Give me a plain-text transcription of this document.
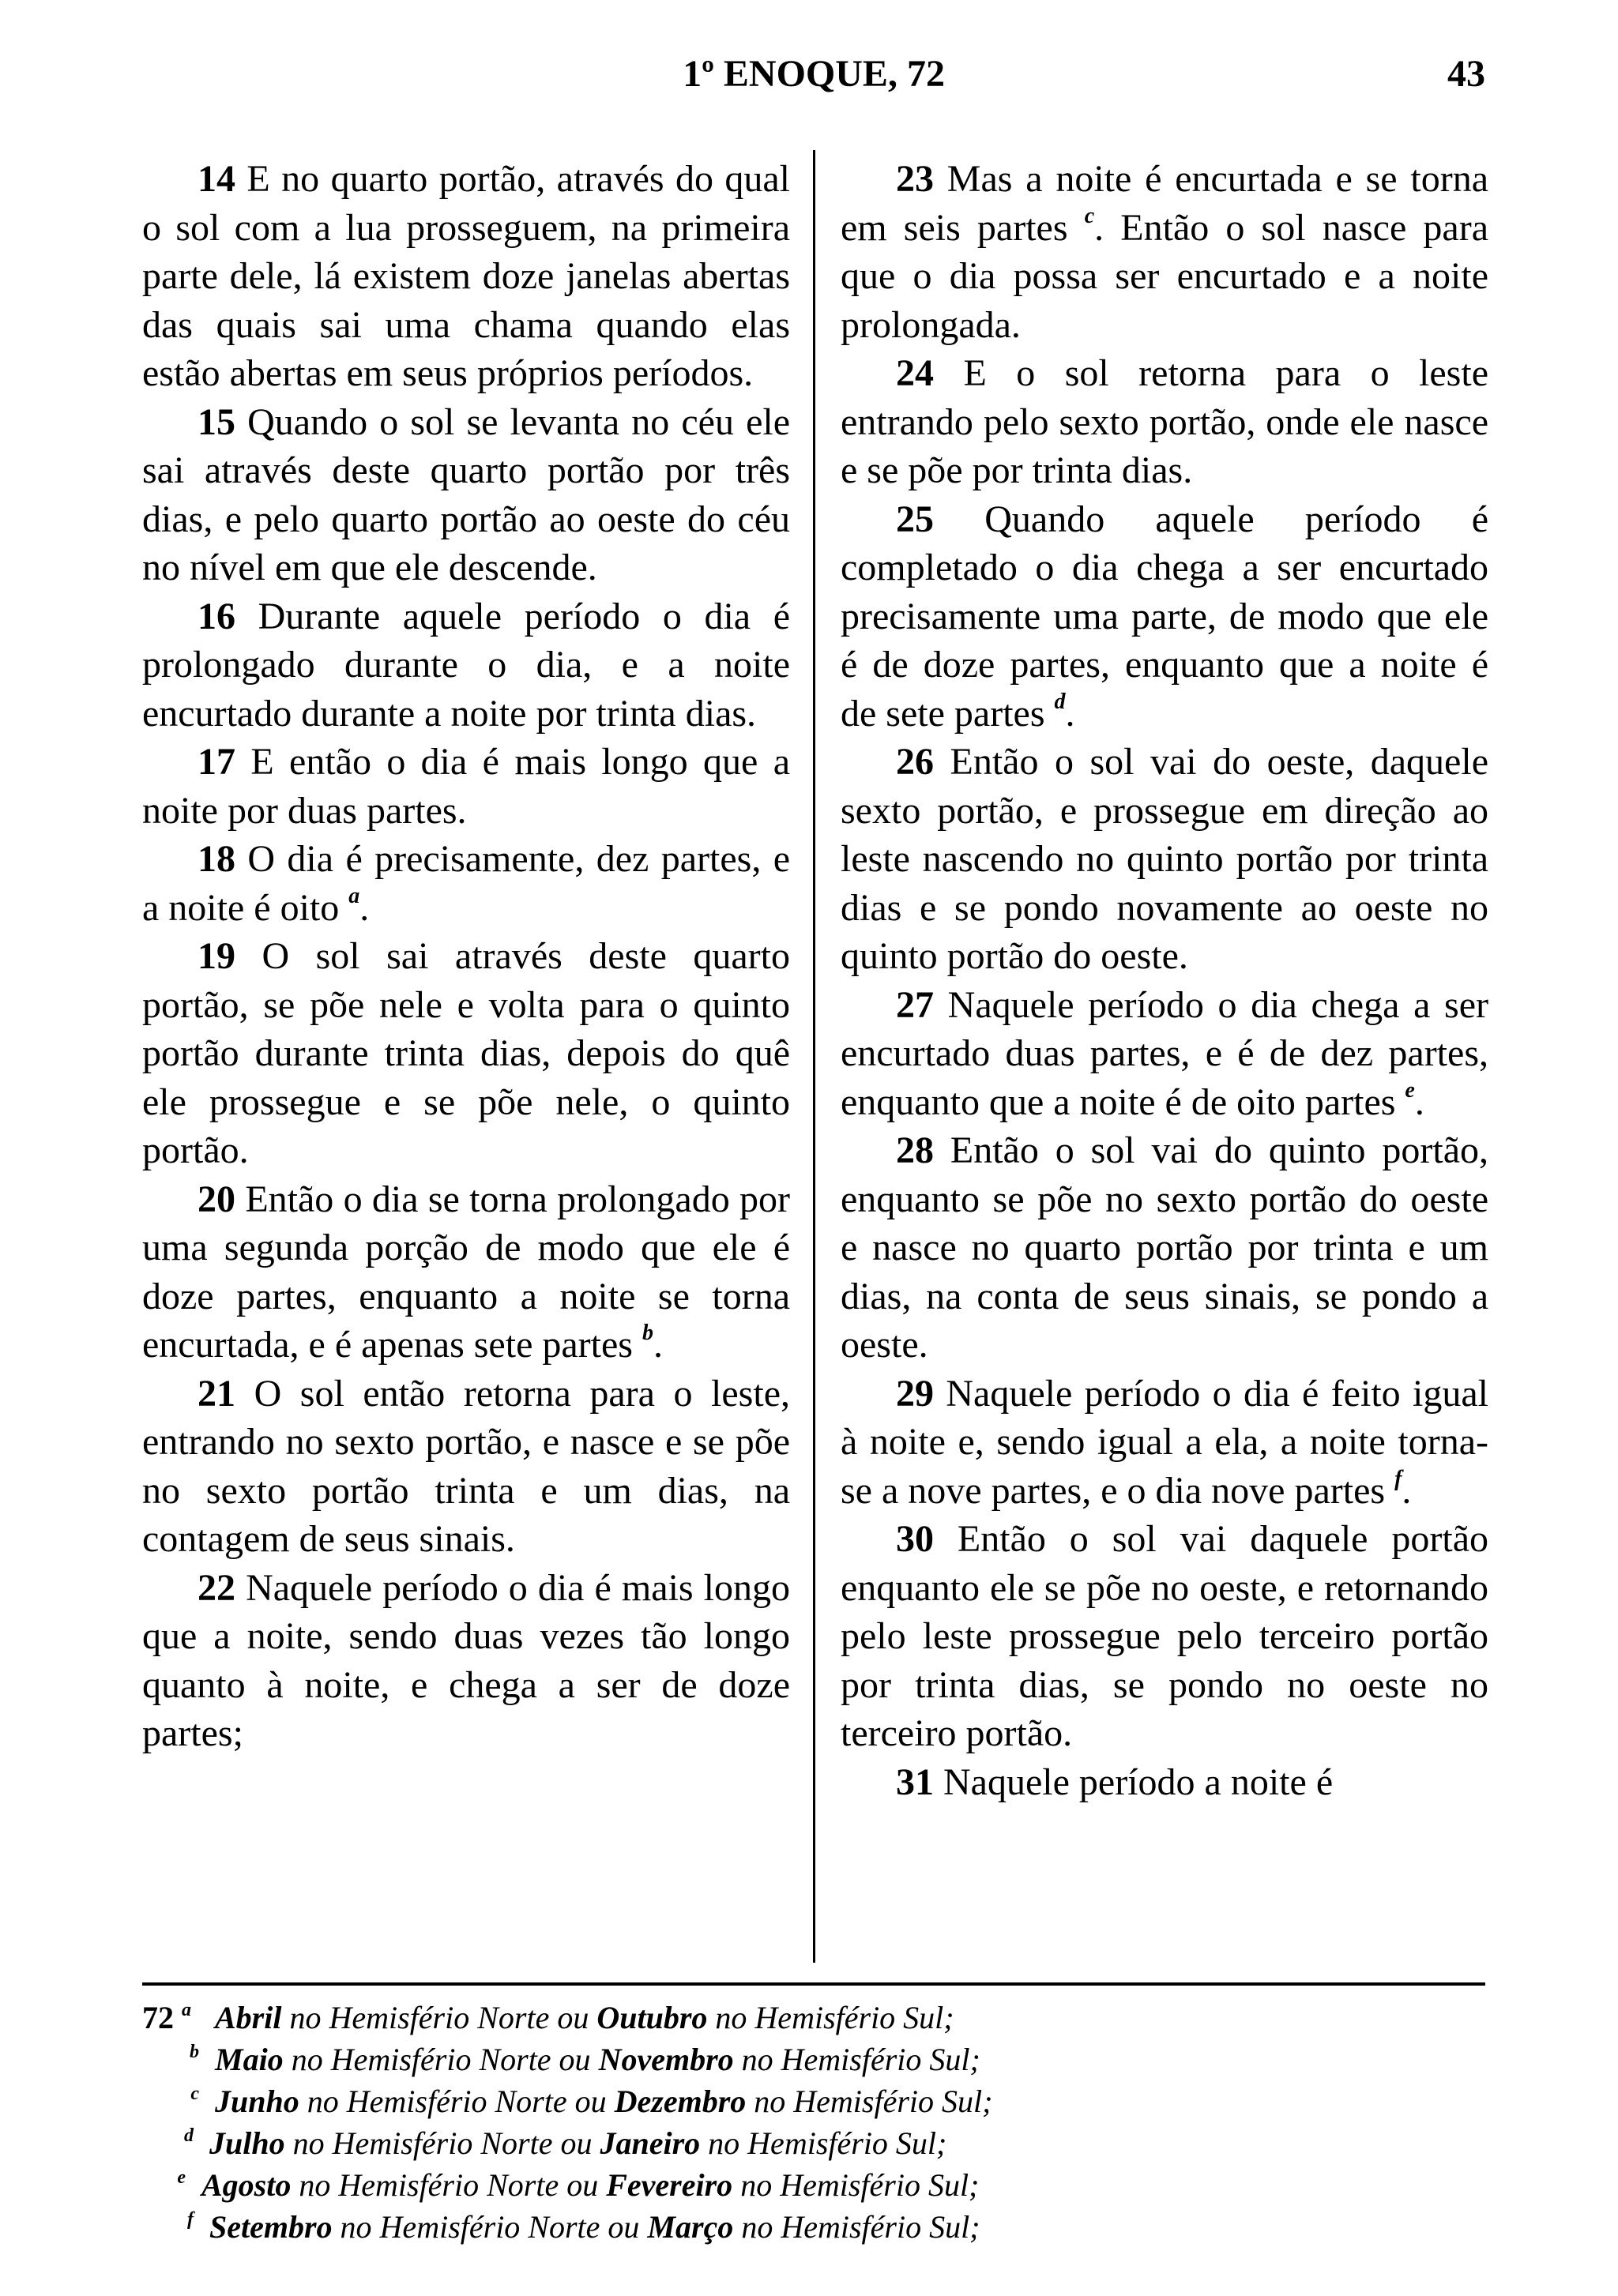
1º ENOQUE, 72	43

14 E no quarto portão, através do qual o sol com a lua prosseguem, na primeira parte dele, lá existem doze janelas abertas das quais sai uma chama quando elas estão abertas em seus próprios períodos.

15 Quando o sol se levanta no céu ele sai através deste quarto portão por três dias, e pelo quarto portão ao oeste do céu no nível em que ele descende.

16 Durante aquele período o dia é prolongado durante o dia, e a noite encurtado durante a noite por trinta dias.

17 E então o dia é mais longo que a noite por duas partes.

18 O dia é precisamente, dez partes, e a noite é oito $^a$.

19 O sol sai através deste quarto portão, se põe nele e volta para o quinto portão durante trinta dias, depois do quê ele prossegue e se põe nele, o quinto portão.

20 Então o dia se torna prolongado por uma segunda porção de modo que ele é doze partes, enquanto a noite se torna encurtada, e é apenas sete partes $^b$.

21 O sol então retorna para o leste, entrando no sexto portão, e nasce e se põe no sexto portão trinta e um dias, na contagem de seus sinais.

22 Naquele período o dia é mais longo que a noite, sendo duas vezes tão longo quanto à noite, e chega a ser de doze partes;

23 Mas a noite é encurtada e se torna em seis partes $^c$. Então o sol nasce para que o dia possa ser encurtado e a noite prolongada.

24 E o sol retorna para o leste entrando pelo sexto portão, onde ele nasce e se põe por trinta dias.

25 Quando aquele período é completado o dia chega a ser encurtado precisamente uma parte, de modo que ele é de doze partes, enquanto que a noite é de sete partes $^d$.

26 Então o sol vai do oeste, daquele sexto portão, e prossegue em direção ao leste nascendo no quinto portão por trinta dias e se pondo novamente ao oeste no quinto portão do oeste.

27 Naquele período o dia chega a ser encurtado duas partes, e é de dez partes, enquanto que a noite é de oito partes $^e$.

28 Então o sol vai do quinto portão, enquanto se põe no sexto portão do oeste e nasce no quarto portão por trinta e um dias, na conta de seus sinais, se pondo a oeste.

29 Naquele período o dia é feito igual à noite e, sendo igual a ela, a noite torna-se a nove partes, e o dia nove partes $^f$.

30 Então o sol vai daquele portão enquanto ele se põe no oeste, e retornando pelo leste prossegue pelo terceiro portão por trinta dias, se pondo no oeste no terceiro portão.

31 Naquele período a noite é

72 $^a$ Abril no Hemisfério Norte ou Outubro no Hemisfério Sul;
$^b$ Maio no Hemisfério Norte ou Novembro no Hemisfério Sul;
$^c$ Junho no Hemisfério Norte ou Dezembro no Hemisfério Sul;
$^d$ Julho no Hemisfério Norte ou Janeiro no Hemisfério Sul;
$^e$ Agosto no Hemisfério Norte ou Fevereiro no Hemisfério Sul;
$^f$ Setembro no Hemisfério Norte ou Março no Hemisfério Sul;
